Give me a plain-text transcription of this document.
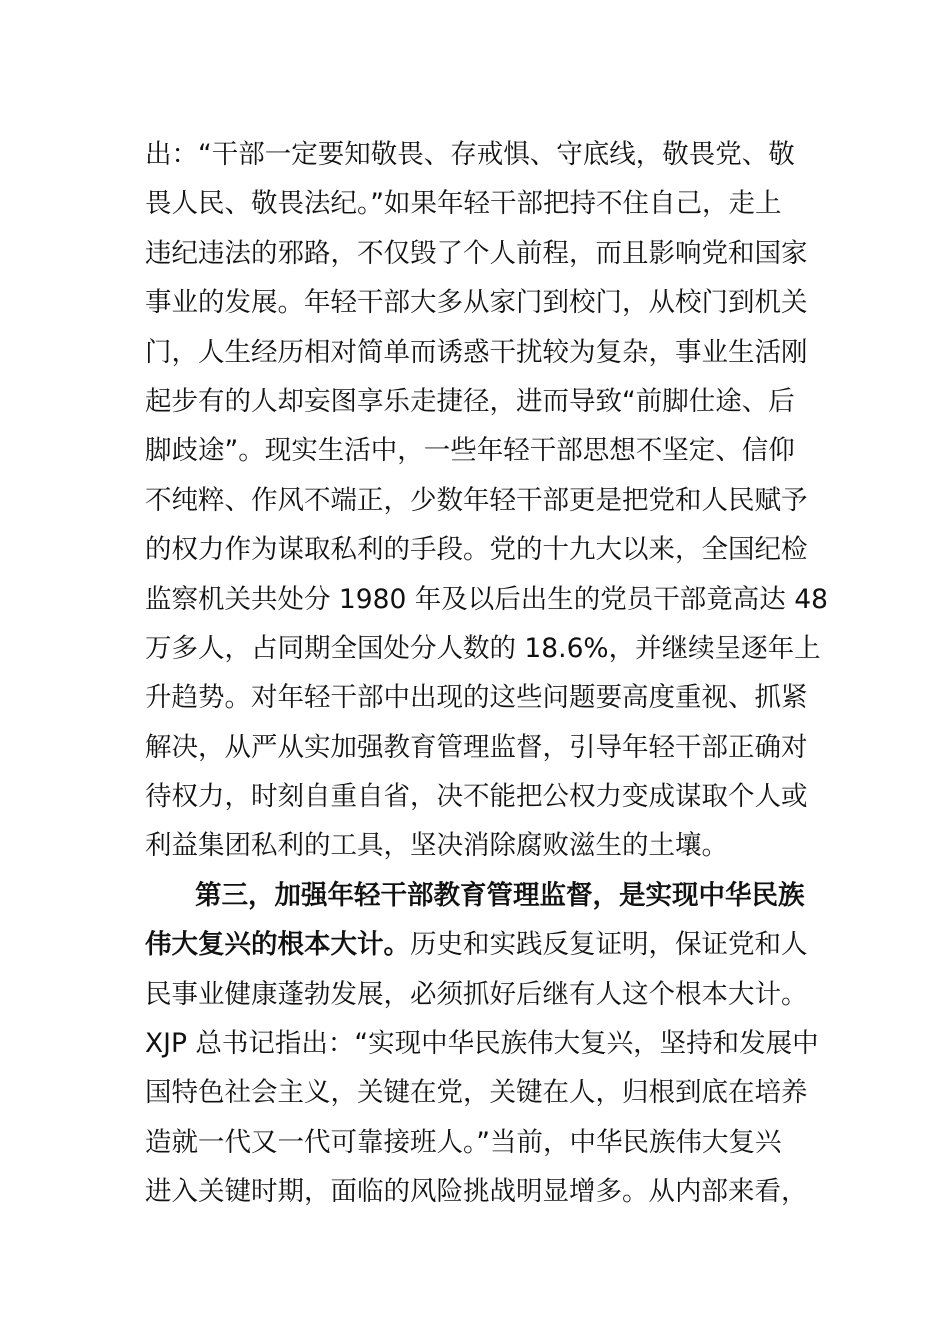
出：“干部一定要知敬畏、存戒惧、守底线，敬畏党、敬
畏人民、敬畏法纪。”如果年轻干部把持不住自己，走上
违纪违法的邪路，不仅毁了个人前程，而且影响党和国家
事业的发展。年轻干部大多从家门到校门，从校门到机关
门，人生经历相对简单而诱惑干扰较为复杂，事业生活刚
起步有的人却妄图享乐走捷径，进而导致“前脚仕途、后
脚歧途”。现实生活中，一些年轻干部思想不坚定、信仰
不纯粹、作风不端正，少数年轻干部更是把党和人民赋予
的权力作为谋取私利的手段。党的十九大以来，全国纪检
监察机关共处分 1980 年及以后出生的党员干部竟高达 48
万多人，占同期全国处分人数的 18.6%，并继续呈逐年上
升趋势。对年轻干部中出现的这些问题要高度重视、抓紧
解决，从严从实加强教育管理监督，引导年轻干部正确对
待权力，时刻自重自省，决不能把公权力变成谋取个人或
利益集团私利的工具，坚决消除腐败滋生的土壤。
第三，加强年轻干部教育管理监督，是实现中华民族
伟大复兴的根本大计。历史和实践反复证明，保证党和人
民事业健康蓬勃发展，必须抓好后继有人这个根本大计。
XJP 总书记指出：“实现中华民族伟大复兴，坚持和发展中
国特色社会主义，关键在党，关键在人，归根到底在培养
造就一代又一代可靠接班人。”当前，中华民族伟大复兴
进入关键时期，面临的风险挑战明显增多。从内部来看，
